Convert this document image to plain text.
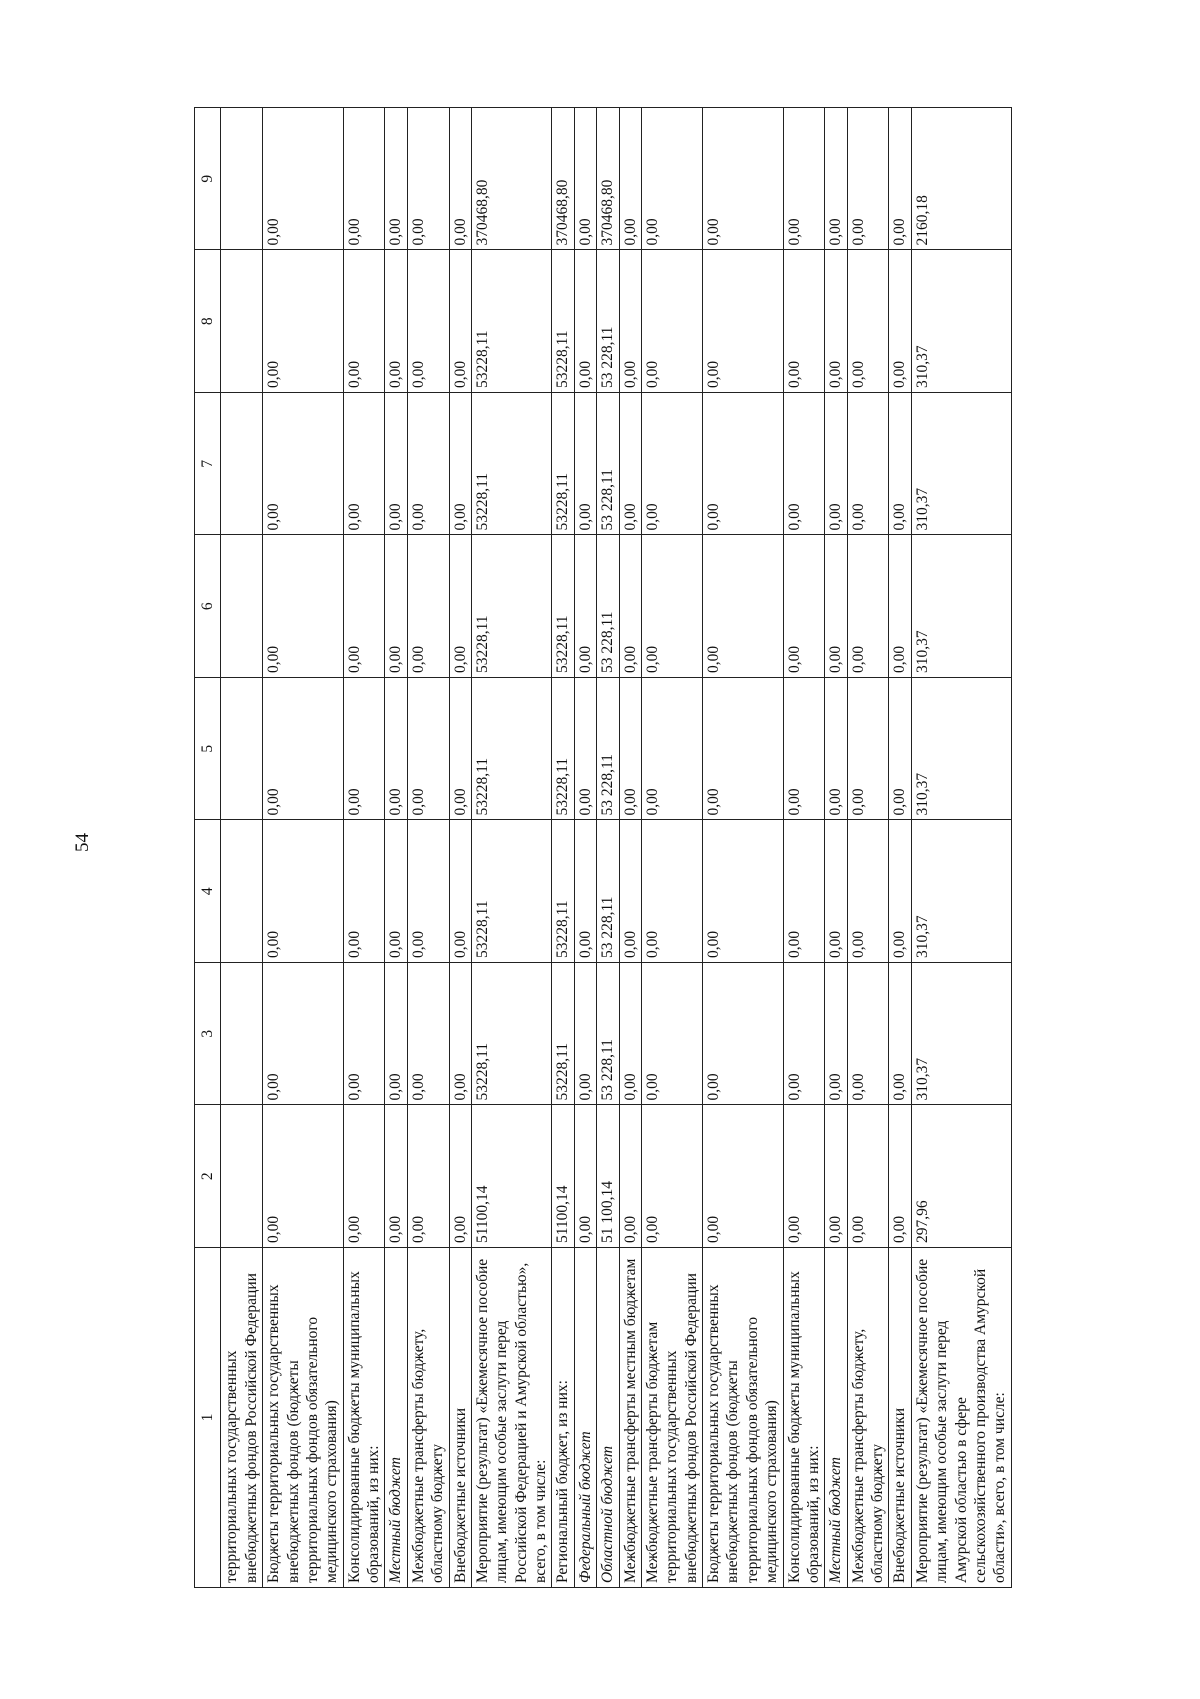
54
1	2	3	4	5	6	7	8	9
территориальных государственных внебюджетных фондов Российской Федерации								
Бюджеты территориальных государственных внебюджетных фондов (бюджеты территориальных фондов обязательного медицинского страхования)	0,00	0,00	0,00	0,00	0,00	0,00	0,00	0,00
Консолидированные бюджеты муниципальных образований, из них:	0,00	0,00	0,00	0,00	0,00	0,00	0,00	0,00
Местный бюджет	0,00	0,00	0,00	0,00	0,00	0,00	0,00	0,00
Межбюджетные трансферты бюджету, областному бюджету	0,00	0,00	0,00	0,00	0,00	0,00	0,00	0,00
Внебюджетные источники	0,00	0,00	0,00	0,00	0,00	0,00	0,00	0,00
Мероприятие (результат) «Ежемесячное пособие лицам, имеющим особые заслуги перед Российской Федерацией и Амурской областью», всего, в том числе:	51100,14	53228,11	53228,11	53228,11	53228,11	53228,11	53228,11	370468,80
Региональный бюджет, из них:	51100,14	53228,11	53228,11	53228,11	53228,11	53228,11	53228,11	370468,80
Федеральный бюджет	0,00	0,00	0,00	0,00	0,00	0,00	0,00	0,00
Областной бюджет	51 100,14	53 228,11	53 228,11	53 228,11	53 228,11	53 228,11	53 228,11	370468,80
Межбюджетные трансферты местным бюджетам	0,00	0,00	0,00	0,00	0,00	0,00	0,00	0,00
Межбюджетные трансферты бюджетам территориальных государственных внебюджетных фондов Российской Федерации	0,00	0,00	0,00	0,00	0,00	0,00	0,00	0,00
Бюджеты территориальных государственных внебюджетных фондов (бюджеты территориальных фондов обязательного медицинского страхования)	0,00	0,00	0,00	0,00	0,00	0,00	0,00	0,00
Консолидированные бюджеты муниципальных образований, из них:	0,00	0,00	0,00	0,00	0,00	0,00	0,00	0,00
Местный бюджет	0,00	0,00	0,00	0,00	0,00	0,00	0,00	0,00
Межбюджетные трансферты бюджету, областному бюджету	0,00	0,00	0,00	0,00	0,00	0,00	0,00	0,00
Внебюджетные источники	0,00	0,00	0,00	0,00	0,00	0,00	0,00	0,00
Мероприятие (результат) «Ежемесячное пособие лицам, имеющим особые заслуги перед Амурской областью в сфере сельскохозяйственного производства Амурской области», всего, в том числе:	297,96	310,37	310,37	310,37	310,37	310,37	310,37	2160,18
